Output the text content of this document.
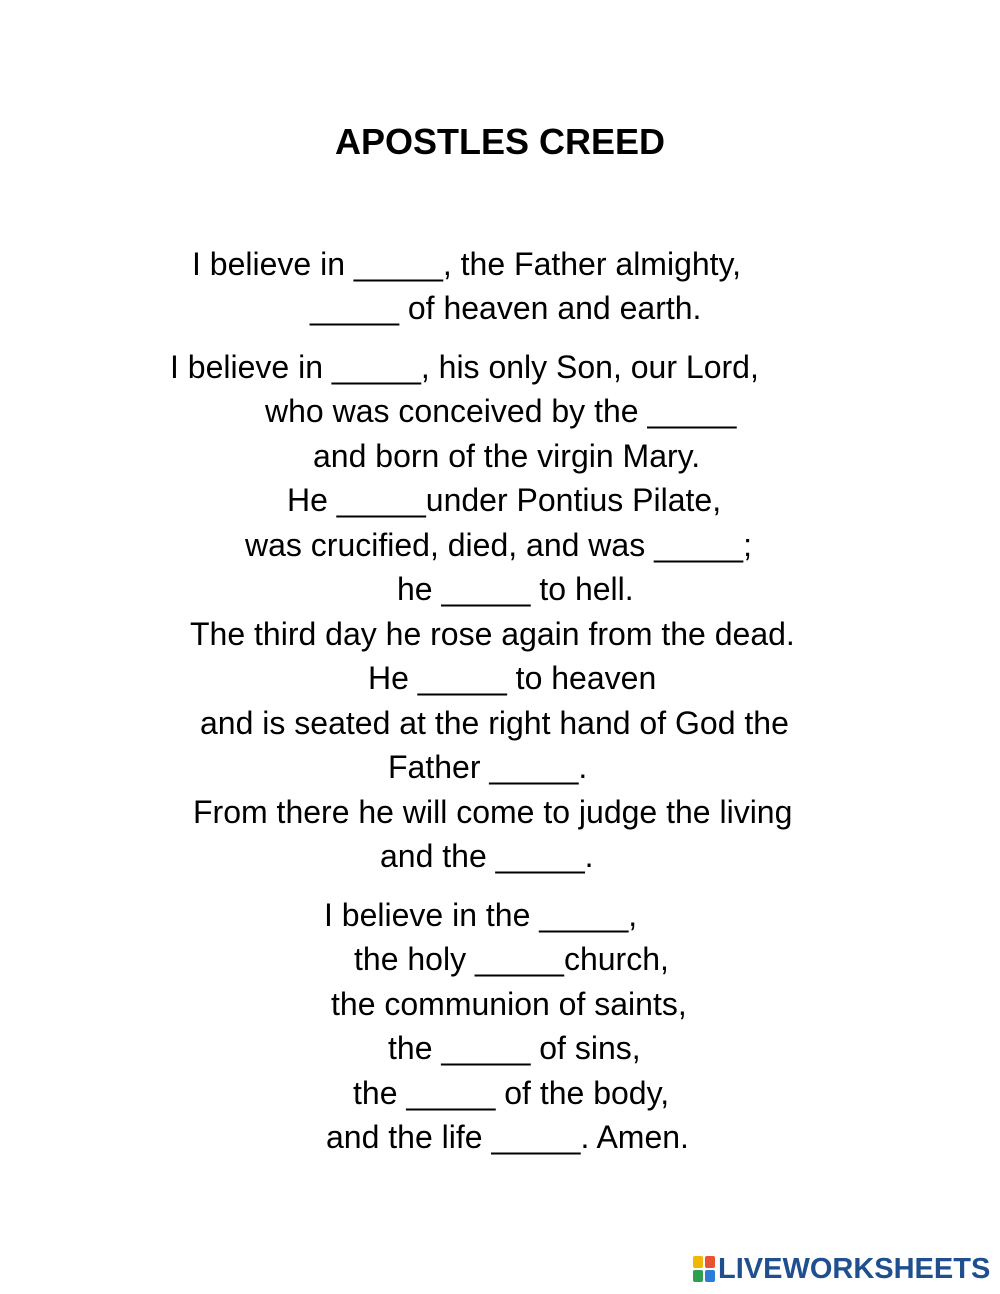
APOSTLES CREED

I believe in _____, the Father almighty,

_____ of heaven and earth.

I believe in _____, his only Son, our Lord,

who was conceived by the _____

and born of the virgin Mary.

He _____under Pontius Pilate,

was crucified, died, and was _____;

he _____ to hell.

The third day he rose again from the dead.

He _____ to heaven

and is seated at the right hand of God the

Father _____.

From there he will come to judge the living

and the _____.

I believe in the _____,

the holy _____church,

the communion of saints,

the _____ of sins,

the _____ of the body,

and the life _____. Amen.

LIVEWORKSHEETS
